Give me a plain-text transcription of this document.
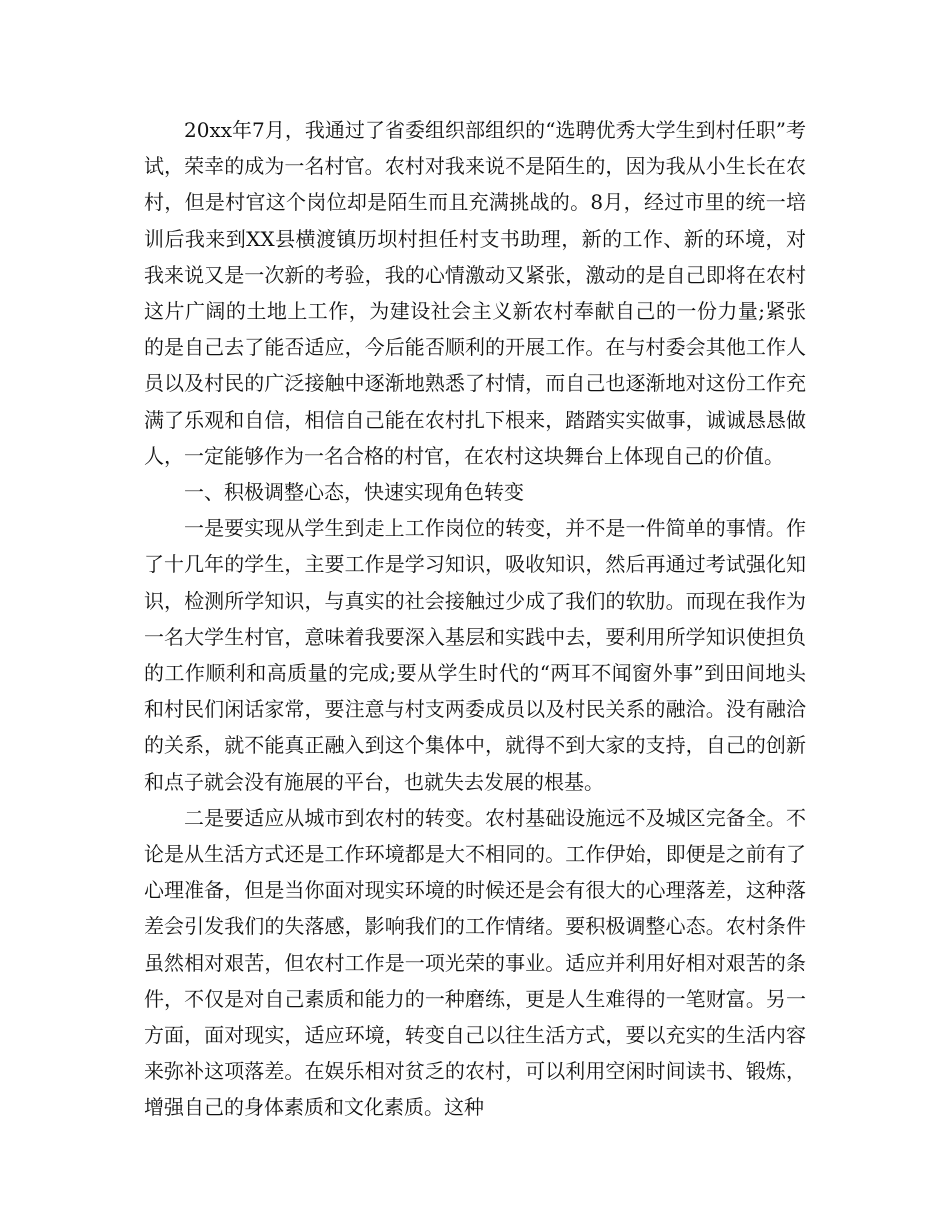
20xx年7月，我通过了省委组织部组织的“选聘优秀大学生到村任职”考试，荣幸的成为一名村官。农村对我来说不是陌生的，因为我从小生长在农村，但是村官这个岗位却是陌生而且充满挑战的。8月，经过市里的统一培训后我来到XX县横渡镇历坝村担任村支书助理，新的工作、新的环境，对我来说又是一次新的考验，我的心情激动又紧张，激动的是自己即将在农村这片广阔的土地上工作，为建设社会主义新农村奉献自己的一份力量;紧张的是自己去了能否适应，今后能否顺利的开展工作。在与村委会其他工作人员以及村民的广泛接触中逐渐地熟悉了村情，而自己也逐渐地对这份工作充满了乐观和自信，相信自己能在农村扎下根来，踏踏实实做事，诚诚恳恳做人，一定能够作为一名合格的村官，在农村这块舞台上体现自己的价值。

一、积极调整心态，快速实现角色转变

一是要实现从学生到走上工作岗位的转变，并不是一件简单的事情。作了十几年的学生，主要工作是学习知识，吸收知识，然后再通过考试强化知识，检测所学知识，与真实的社会接触过少成了我们的软肋。而现在我作为一名大学生村官，意味着我要深入基层和实践中去，要利用所学知识使担负的工作顺利和高质量的完成;要从学生时代的“两耳不闻窗外事”到田间地头和村民们闲话家常，要注意与村支两委成员以及村民关系的融洽。没有融洽的关系，就不能真正融入到这个集体中，就得不到大家的支持，自己的创新和点子就会没有施展的平台，也就失去发展的根基。

二是要适应从城市到农村的转变。农村基础设施远不及城区完备全。不论是从生活方式还是工作环境都是大不相同的。工作伊始，即便是之前有了心理准备，但是当你面对现实环境的时候还是会有很大的心理落差，这种落差会引发我们的失落感，影响我们的工作情绪。要积极调整心态。农村条件虽然相对艰苦，但农村工作是一项光荣的事业。适应并利用好相对艰苦的条件，不仅是对自己素质和能力的一种磨练，更是人生难得的一笔财富。另一方面，面对现实，适应环境，转变自己以往生活方式，要以充实的生活内容来弥补这项落差。在娱乐相对贫乏的农村，可以利用空闲时间读书、锻炼，增强自己的身体素质和文化素质。这种
